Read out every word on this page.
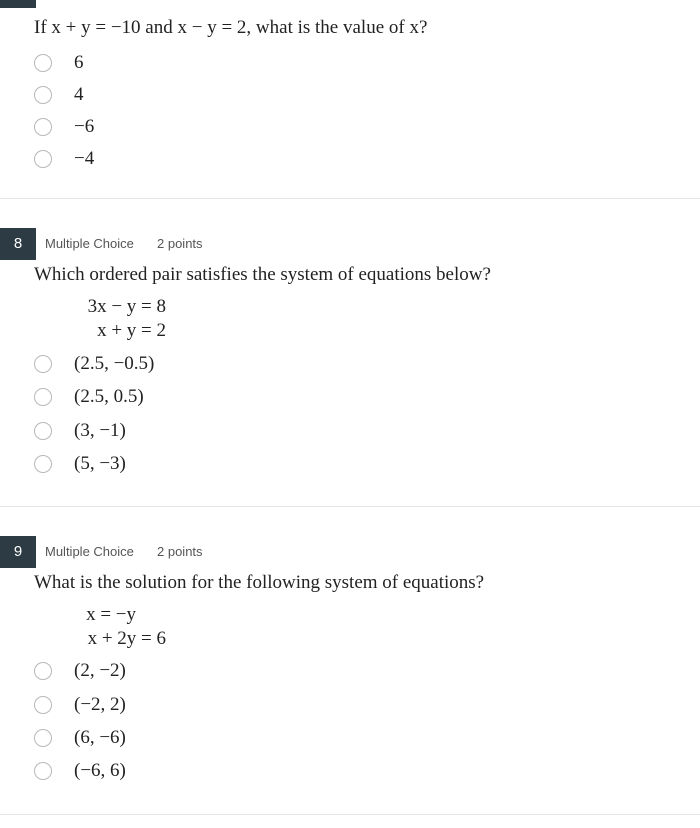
If x + y = −10 and x − y = 2, what is the value of x?
6
4
−6
−4
8	Multiple Choice 2 points
Which ordered pair satisfies the system of equations below?
3x − y = 8
x + y = 2
(2.5, −0.5)
(2.5, 0.5)
(3, −1)
(5, −3)
9	Multiple Choice 2 points
What is the solution for the following system of equations?
x = −y
x + 2y = 6
(2, −2)
(−2, 2)
(6, −6)
(−6, 6)
